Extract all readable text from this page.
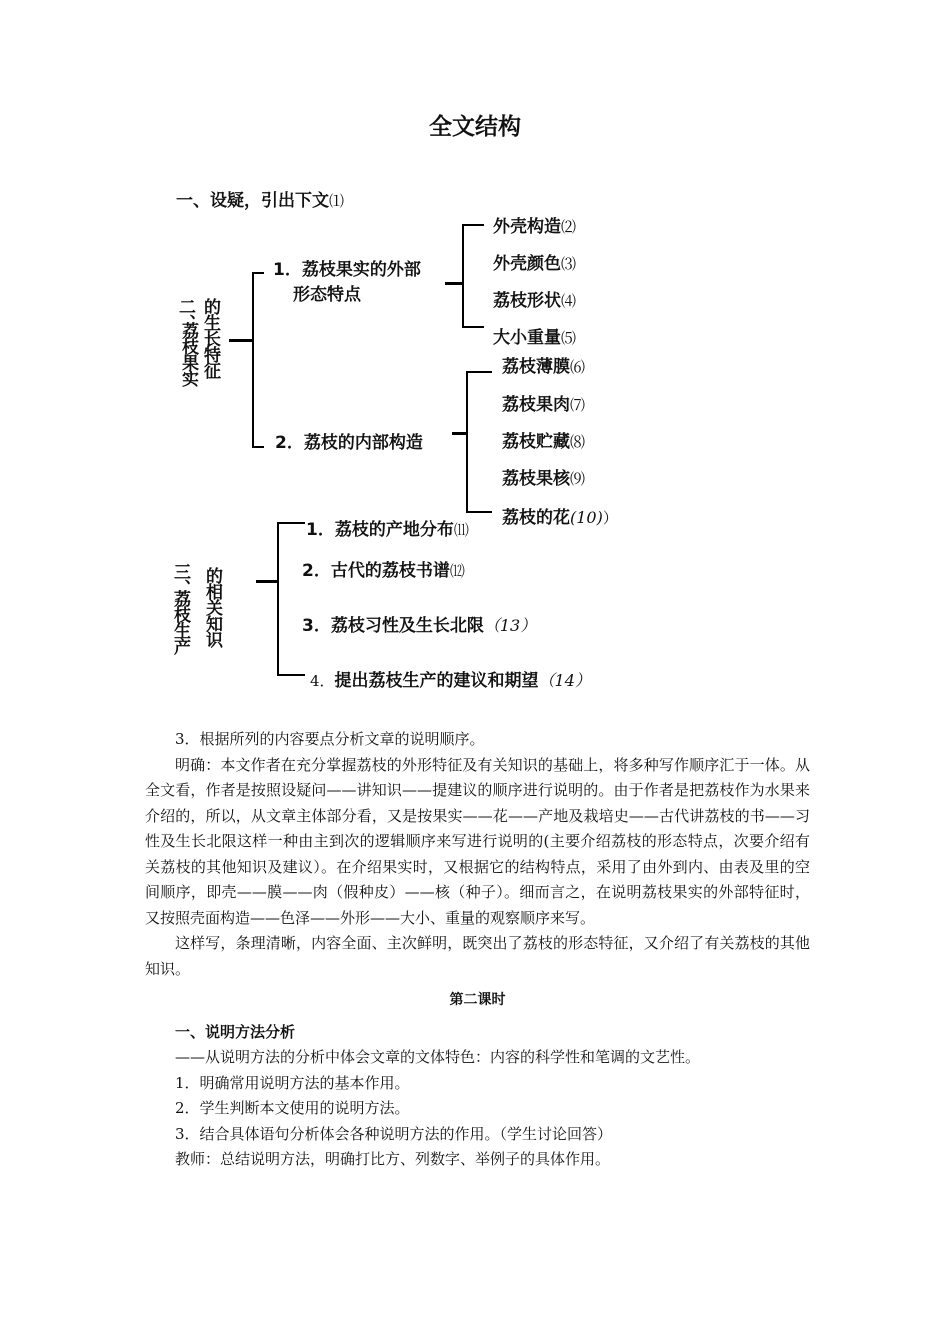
全文结构
一、设疑，引出下文⑴
二、
荔枝果实 的生长特征
1．荔枝果实的外部
形态特点
外壳构造⑵
外壳颜色⑶
荔枝形状⑷
大小重量⑸
2．荔枝的内部构造
荔枝薄膜⑹
荔枝果肉⑺
荔枝贮藏⑻
荔枝果核⑼
荔枝的花(10)）
三、
荔枝生产 的相关知识
1．荔枝的产地分布⑾
2．古代的荔枝书谱⑿
3．荔枝习性及生长北限（13）
4．提出荔枝生产的建议和期望（14）

3．根据所列的内容要点分析文章的说明顺序。

明确：本文作者在充分掌握荔枝的外形特征及有关知识的基础上，将多种写作顺序汇于一体。从全文看，作者是按照设疑问——讲知识——提建议的顺序进行说明的。由于作者是把荔枝作为水果来介绍的，所以，从文章主体部分看，又是按果实——花——产地及栽培史——古代讲荔枝的书——习性及生长北限这样一种由主到次的逻辑顺序来写进行说明的(主要介绍荔枝的形态特点，次要介绍有关荔枝的其他知识及建议）。在介绍果实时，又根据它的结构特点，采用了由外到内、由表及里的空间顺序，即壳——膜——肉（假种皮）——核（种子）。细而言之，在说明荔枝果实的外部特征时，又按照壳面构造——色泽——外形——大小、重量的观察顺序来写。

这样写，条理清晰，内容全面、主次鲜明，既突出了荔枝的形态特征，又介绍了有关荔枝的其他知识。

第二课时

一、说明方法分析

——从说明方法的分析中体会文章的文体特色：内容的科学性和笔调的文艺性。

1．明确常用说明方法的基本作用。

2．学生判断本文使用的说明方法。

3．结合具体语句分析体会各种说明方法的作用。（学生讨论回答）

教师：总结说明方法，明确打比方、列数字、举例子的具体作用。
